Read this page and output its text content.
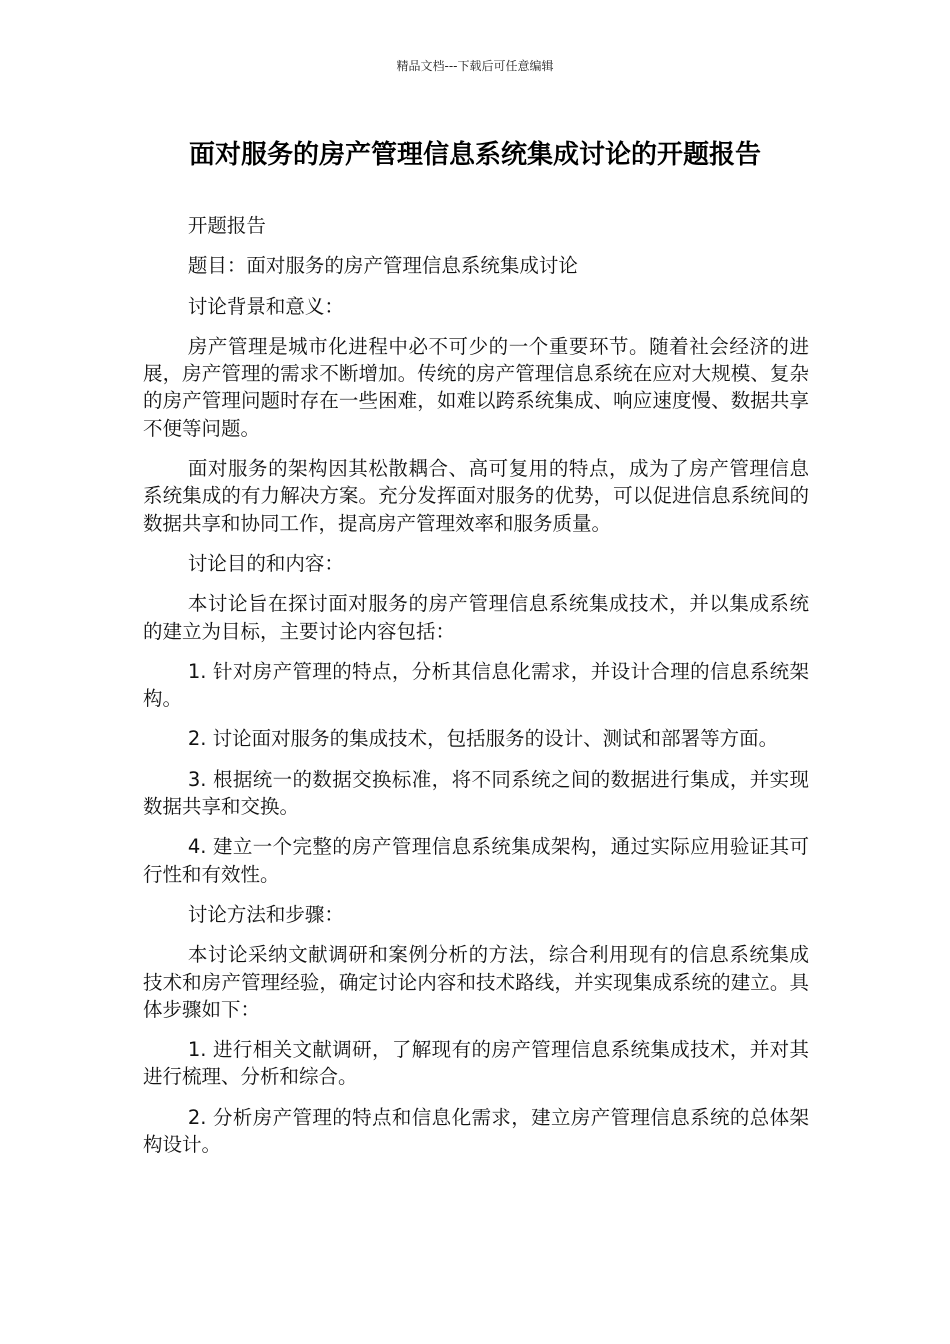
精品文档---下载后可任意编辑
面对服务的房产管理信息系统集成讨论的开题报告

开题报告

题目：面对服务的房产管理信息系统集成讨论

讨论背景和意义：

房产管理是城市化进程中必不可少的一个重要环节。随着社会经济的进展，房产管理的需求不断增加。传统的房产管理信息系统在应对大规模、复杂的房产管理问题时存在一些困难，如难以跨系统集成、响应速度慢、数据共享不便等问题。

面对服务的架构因其松散耦合、高可复用的特点，成为了房产管理信息系统集成的有力解决方案。充分发挥面对服务的优势，可以促进信息系统间的数据共享和协同工作，提高房产管理效率和服务质量。

讨论目的和内容：

本讨论旨在探讨面对服务的房产管理信息系统集成技术，并以集成系统的建立为目标，主要讨论内容包括：

1. 针对房产管理的特点，分析其信息化需求，并设计合理的信息系统架构。

2. 讨论面对服务的集成技术，包括服务的设计、测试和部署等方面。

3. 根据统一的数据交换标准，将不同系统之间的数据进行集成，并实现数据共享和交换。

4. 建立一个完整的房产管理信息系统集成架构，通过实际应用验证其可行性和有效性。

讨论方法和步骤：

本讨论采纳文献调研和案例分析的方法，综合利用现有的信息系统集成技术和房产管理经验，确定讨论内容和技术路线，并实现集成系统的建立。具体步骤如下：

1. 进行相关文献调研，了解现有的房产管理信息系统集成技术，并对其进行梳理、分析和综合。

2. 分析房产管理的特点和信息化需求，建立房产管理信息系统的总体架构设计。
